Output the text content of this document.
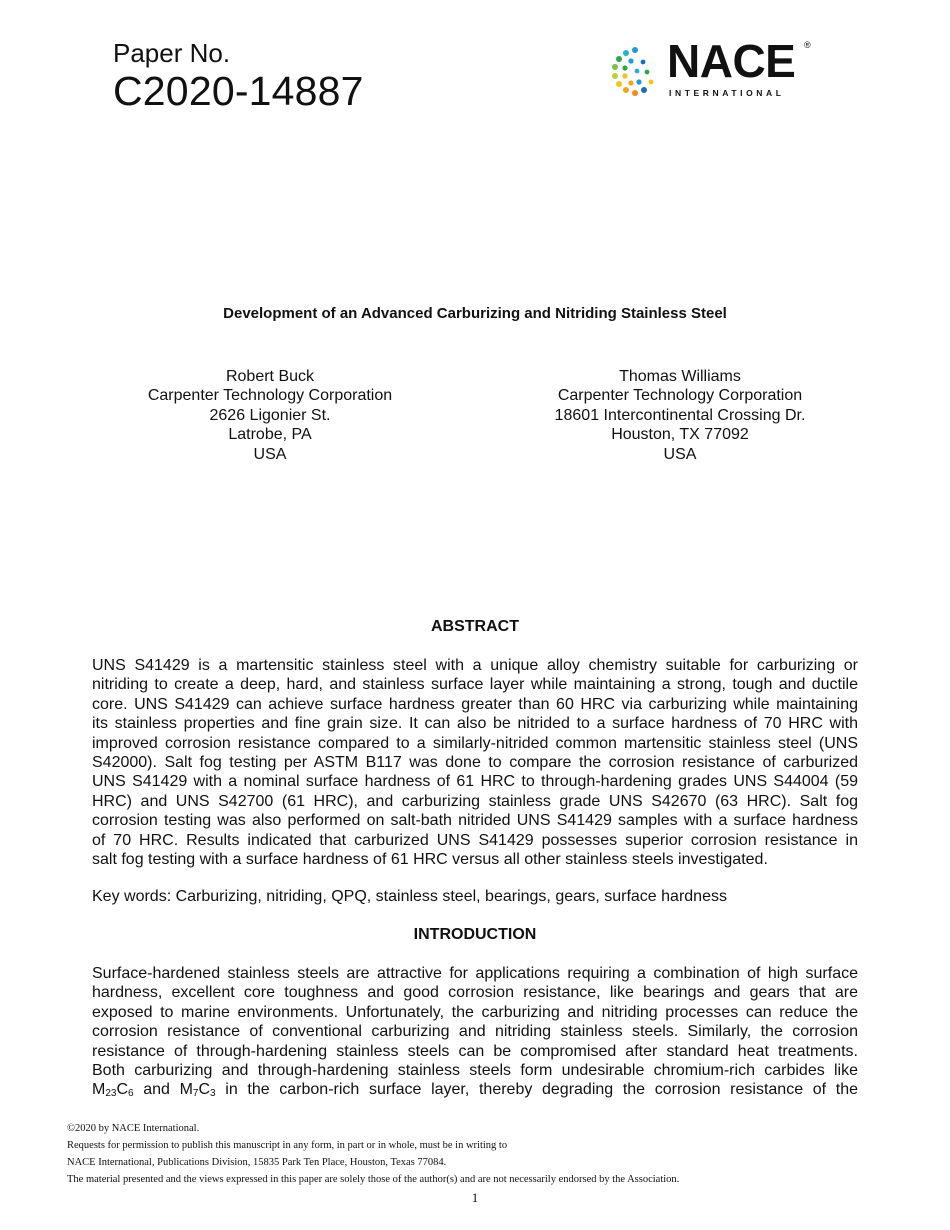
Paper No.
C2020-14887
NACE ®
INTERNATIONAL
Development of an Advanced Carburizing and Nitriding Stainless Steel
Robert Buck
Carpenter Technology Corporation
2626 Ligonier St.
Latrobe, PA
USA
Thomas Williams
Carpenter Technology Corporation
18601 Intercontinental Crossing Dr.
Houston, TX 77092
USA
ABSTRACT
UNS S41429 is a martensitic stainless steel with a unique alloy chemistry suitable for carburizing or
nitriding to create a deep, hard, and stainless surface layer while maintaining a strong, tough and ductile
core. UNS S41429 can achieve surface hardness greater than 60 HRC via carburizing while maintaining
its stainless properties and fine grain size. It can also be nitrided to a surface hardness of 70 HRC with
improved corrosion resistance compared to a similarly-nitrided common martensitic stainless steel (UNS
S42000). Salt fog testing per ASTM B117 was done to compare the corrosion resistance of carburized
UNS S41429 with a nominal surface hardness of 61 HRC to through-hardening grades UNS S44004 (59
HRC) and UNS S42700 (61 HRC), and carburizing stainless grade UNS S42670 (63 HRC). Salt fog
corrosion testing was also performed on salt-bath nitrided UNS S41429 samples with a surface hardness
of 70 HRC. Results indicated that carburized UNS S41429 possesses superior corrosion resistance in
salt fog testing with a surface hardness of 61 HRC versus all other stainless steels investigated.
Key words: Carburizing, nitriding, QPQ, stainless steel, bearings, gears, surface hardness
INTRODUCTION
Surface-hardened stainless steels are attractive for applications requiring a combination of high surface
hardness, excellent core toughness and good corrosion resistance, like bearings and gears that are
exposed to marine environments. Unfortunately, the carburizing and nitriding processes can reduce the
corrosion resistance of conventional carburizing and nitriding stainless steels. Similarly, the corrosion
resistance of through-hardening stainless steels can be compromised after standard heat treatments.
Both carburizing and through-hardening stainless steels form undesirable chromium-rich carbides like
$M_{23}C_6$ and $M_7C_3$ in the carbon-rich surface layer, thereby degrading the corrosion resistance of the
©2020 by NACE International.
Requests for permission to publish this manuscript in any form, in part or in whole, must be in writing to
NACE International, Publications Division, 15835 Park Ten Place, Houston, Texas 77084.
The material presented and the views expressed in this paper are solely those of the author(s) and are not necessarily endorsed by the Association.
1
